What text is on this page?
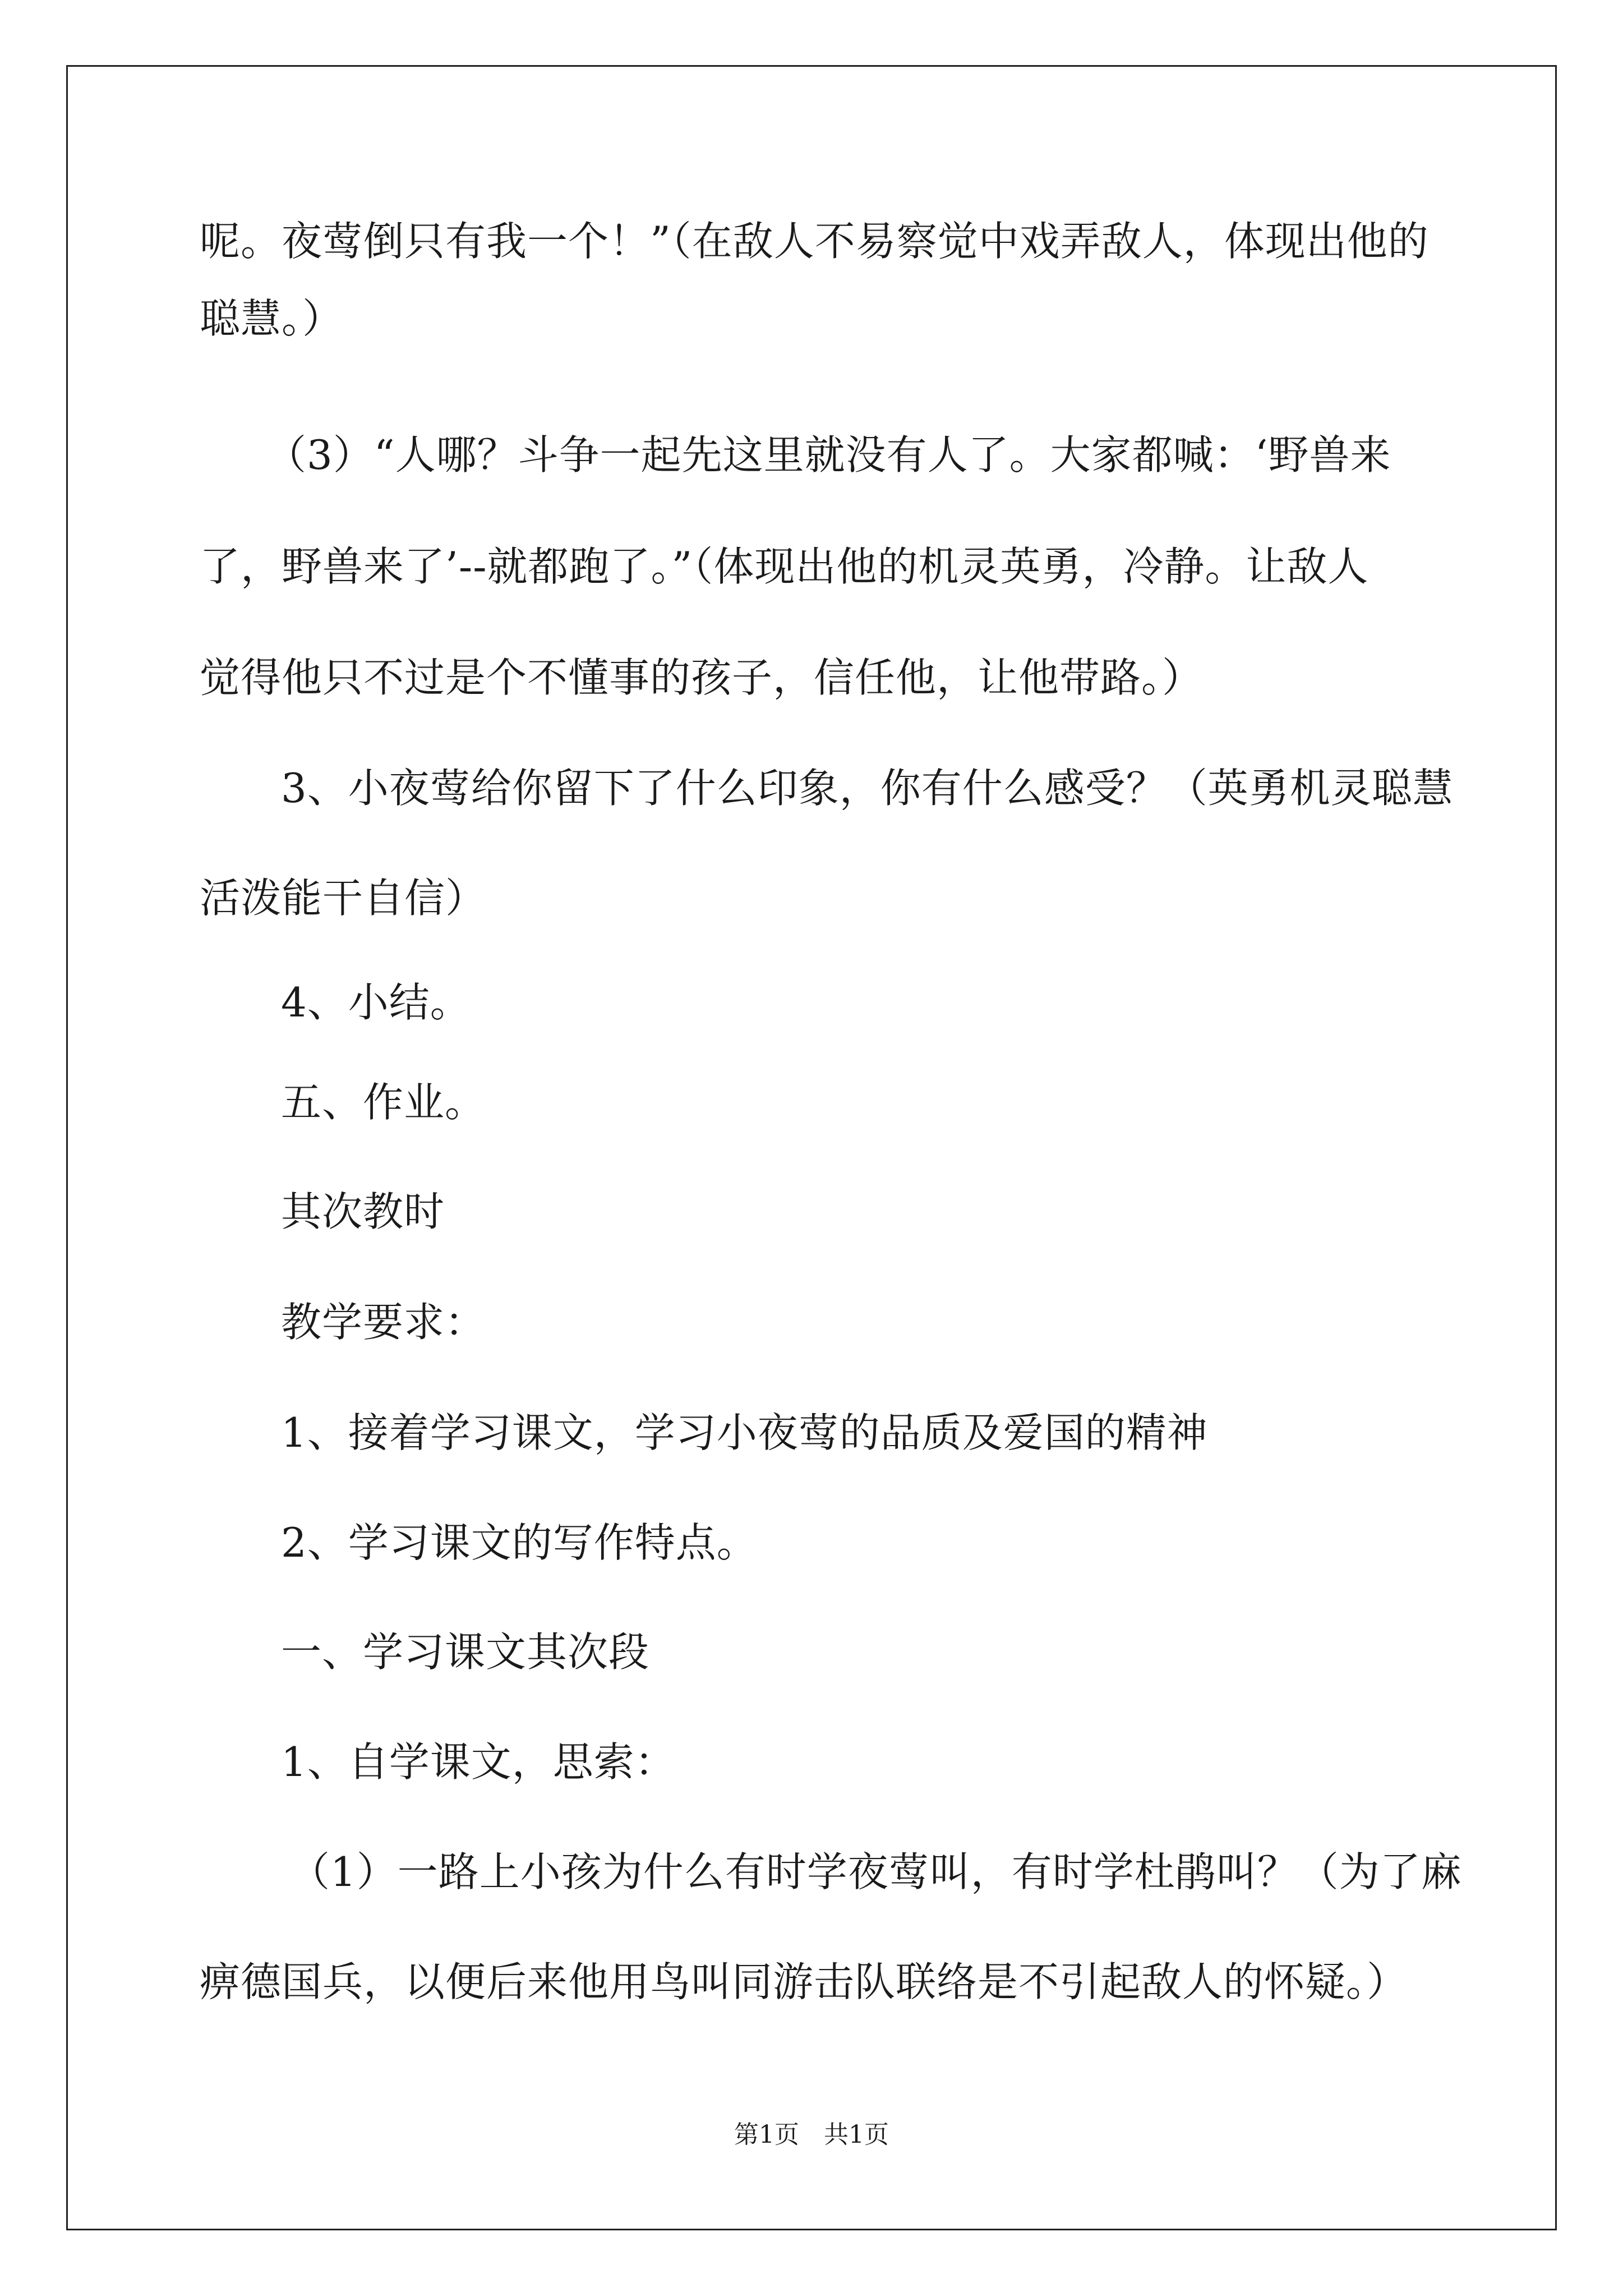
呢。夜莺倒只有我一个！”（在敌人不易察觉中戏弄敌人，体现出他的
聪慧。）
（3）“人哪？斗争一起先这里就没有人了。大家都喊：‘野兽来
了，野兽来了’--就都跑了。”（体现出他的机灵英勇，冷静。让敌人
觉得他只不过是个不懂事的孩子，信任他，让他带路。）
3、小夜莺给你留下了什么印象，你有什么感受？（英勇机灵聪慧
活泼能干自信）
4、小结。
五、作业。
其次教时
教学要求：
1、接着学习课文，学习小夜莺的品质及爱国的精神
2、学习课文的写作特点。
一、学习课文其次段
1、自学课文，思索：
（1）一路上小孩为什么有时学夜莺叫，有时学杜鹃叫？（为了麻
痹德国兵，以便后来他用鸟叫同游击队联络是不引起敌人的怀疑。）
第1页　共1页
